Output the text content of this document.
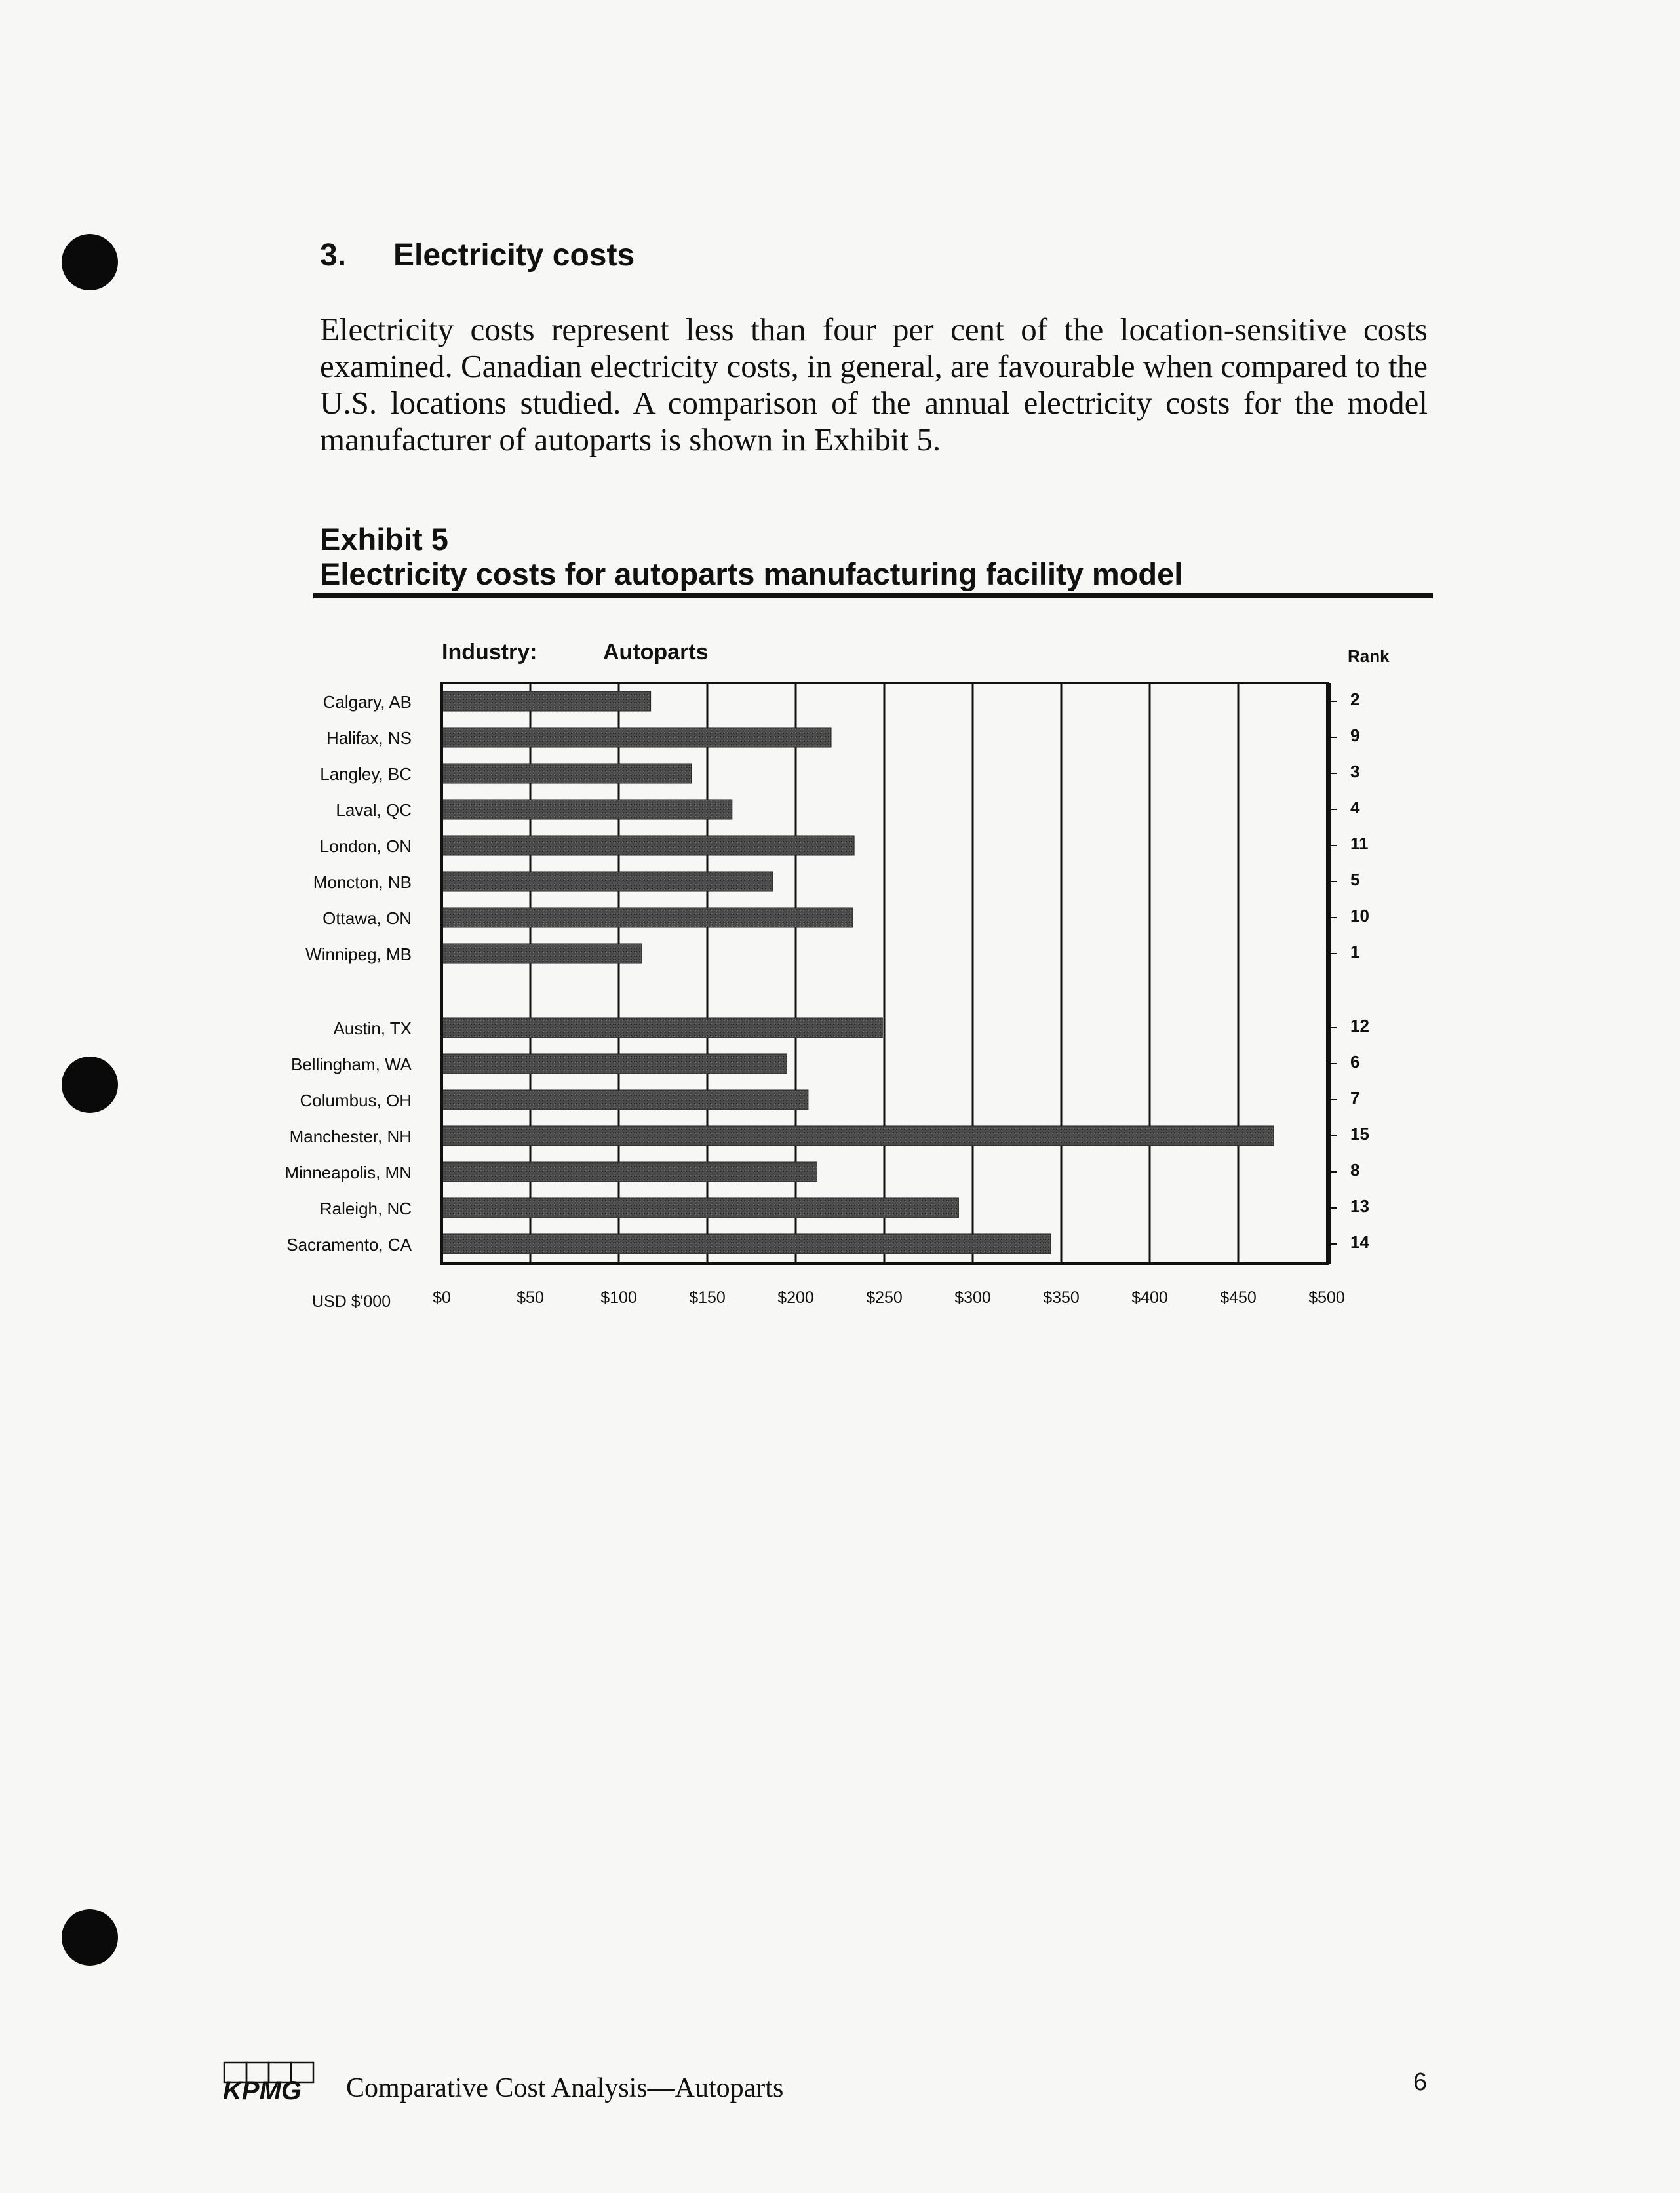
3. Electricity costs

Electricity costs represent less than four per cent of the location-sensitive costs examined. Canadian electricity costs, in general, are favourable when compared to the U.S. locations studied. A comparison of the annual electricity costs for the model manufacturer of autoparts is shown in Exhibit 5.

Exhibit 5
Electricity costs for autoparts manufacturing facility model
Industry:	Autoparts	Rank
$0	$50	$100	$150	$200	$250	$300	$350	$400	$450	$500
USD $'000
Calgary, AB	2
Halifax, NS	9
Langley, BC	3
Laval, QC	4
London, ON	11
Moncton, NB	5
Ottawa, ON	10
Winnipeg, MB	1
Austin, TX	12
Bellingham, WA	6
Columbus, OH	7
Manchester, NH	15
Minneapolis, MN	8
Raleigh, NC	13
Sacramento, CA	14
KPMG Comparative Cost Analysis—Autoparts	6
